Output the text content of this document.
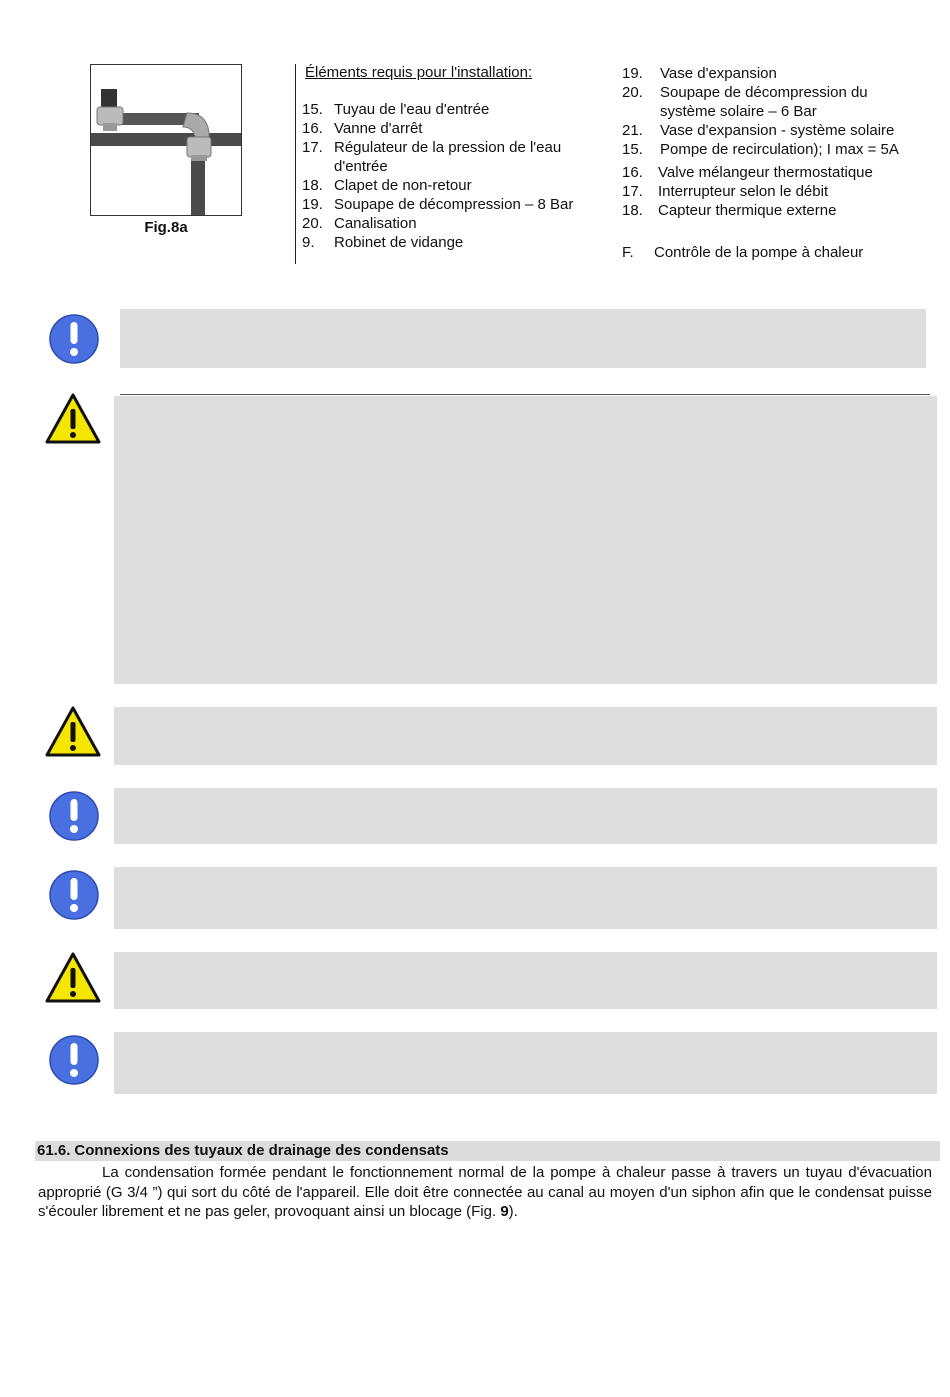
Fig.8a
Éléments requis pour l'installation:
15. Tuyau de l'eau d'entrée
16. Vanne d'arrêt
17. Régulateur de la pression de l'eau d'entrée
18. Clapet de non-retour
19. Soupape de décompression – 8 Bar
20. Canalisation
9. Robinet de vidange
19. Vase d'expansion
20. Soupape de décompression du système solaire – 6 Bar
21. Vase d'expansion - système solaire
15. Pompe de recirculation); I max = 5A
16. Valve mélangeur thermostatique
17. Interrupteur selon le débit
18. Capteur thermique externe
F. Contrôle de la pompe à chaleur
61.6. Connexions des tuyaux de drainage des condensats
La condensation formée pendant le fonctionnement normal de la pompe à chaleur passe à travers un tuyau d'évacuation approprié (G 3/4 ”) qui sort du côté de l'appareil. Elle doit être connectée au canal au moyen d'un siphon afin que le condensat puisse s'écouler librement et ne pas geler, provoquant ainsi un blocage (Fig. 9).
